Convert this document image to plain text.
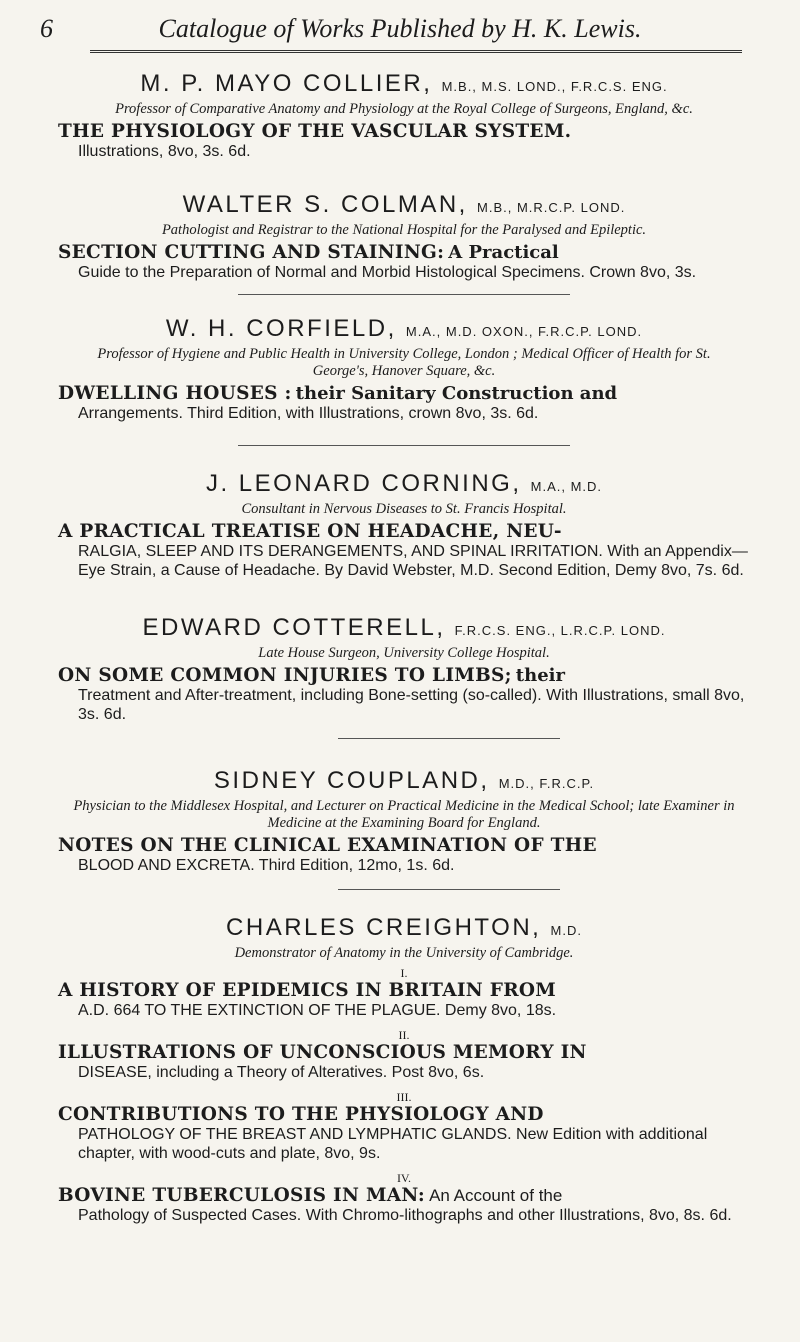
6	Catalogue of Works Published by H. K. Lewis.
M. P. MAYO COLLIER, M.B., M.S. LOND., F.R.C.S. ENG.
Professor of Comparative Anatomy and Physiology at the Royal College of Surgeons, England, &c.
THE PHYSIOLOGY OF THE VASCULAR SYSTEM.
Illustrations, 8vo, 3s. 6d.
WALTER S. COLMAN, M.B., M.R.C.P. LOND.
Pathologist and Registrar to the National Hospital for the Paralysed and Epileptic.
SECTION CUTTING AND STAINING: A Practical
Guide to the Preparation of Normal and Morbid Histological Specimens. Crown 8vo, 3s.
W. H. CORFIELD, M.A., M.D. OXON., F.R.C.P. LOND.
Professor of Hygiene and Public Health in University College, London ; Medical Officer of Health for St. George's, Hanover Square, &c.
DWELLING HOUSES : their Sanitary Construction and
Arrangements. Third Edition, with Illustrations, crown 8vo, 3s. 6d.
J. LEONARD CORNING, M.A., M.D.
Consultant in Nervous Diseases to St. Francis Hospital.
A PRACTICAL TREATISE ON HEADACHE, NEU-
RALGIA, SLEEP AND ITS DERANGEMENTS, AND SPINAL IRRITATION. With an Appendix—Eye Strain, a Cause of Headache. By David Webster, M.D. Second Edition, Demy 8vo, 7s. 6d.
EDWARD COTTERELL, F.R.C.S. ENG., L.R.C.P. LOND.
Late House Surgeon, University College Hospital.
ON SOME COMMON INJURIES TO LIMBS; their
Treatment and After-treatment, including Bone-setting (so-called). With Illustrations, small 8vo, 3s. 6d.
SIDNEY COUPLAND, M.D., F.R.C.P.
Physician to the Middlesex Hospital, and Lecturer on Practical Medicine in the Medical School; late Examiner in Medicine at the Examining Board for England.
NOTES ON THE CLINICAL EXAMINATION OF THE
BLOOD AND EXCRETA. Third Edition, 12mo, 1s. 6d.
CHARLES CREIGHTON, M.D.
Demonstrator of Anatomy in the University of Cambridge.
I.
A HISTORY OF EPIDEMICS IN BRITAIN FROM
A.D. 664 TO THE EXTINCTION OF THE PLAGUE. Demy 8vo, 18s.
II.
ILLUSTRATIONS OF UNCONSCIOUS MEMORY IN
DISEASE, including a Theory of Alteratives. Post 8vo, 6s.
III.
CONTRIBUTIONS TO THE PHYSIOLOGY AND
PATHOLOGY OF THE BREAST AND LYMPHATIC GLANDS. New Edition with additional chapter, with wood-cuts and plate, 8vo, 9s.
IV.
BOVINE TUBERCULOSIS IN MAN: An Account of the
Pathology of Suspected Cases. With Chromo-lithographs and other Illustrations, 8vo, 8s. 6d.
